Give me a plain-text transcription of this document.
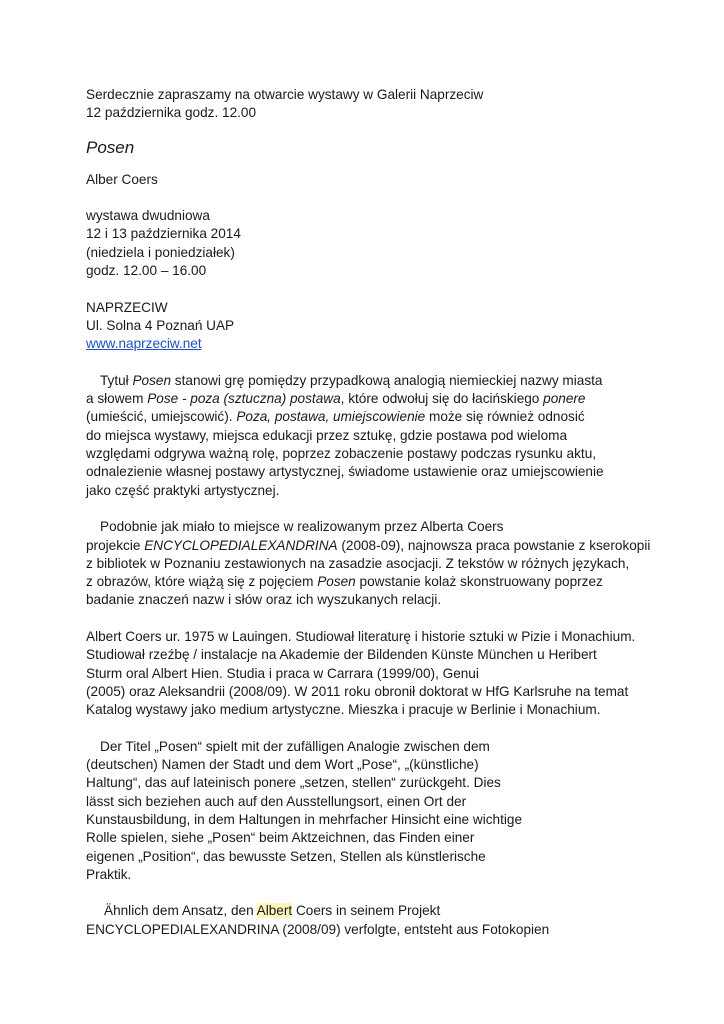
Serdecznie zapraszamy na otwarcie wystawy w Galerii Naprzeciw
12 października godz. 12.00
Posen
Alber Coers
wystawa dwudniowa
12 i 13 października 2014
(niedziela i poniedziałek)
godz. 12.00 – 16.00
NAPRZECIW
Ul. Solna 4 Poznań UAP
www.naprzeciw.net
Tytuł Posen stanowi grę pomiędzy przypadkową analogią niemieckiej nazwy miasta
a słowem Pose - poza (sztuczna) postawa, które odwołuj się do łacińskiego ponere
(umieścić, umiejscowić). Poza, postawa, umiejscowienie może się również odnosić
do miejsca wystawy, miejsca edukacji przez sztukę, gdzie postawa pod wieloma
względami odgrywa ważną rolę, poprzez zobaczenie postawy podczas rysunku aktu,
odnalezienie własnej postawy artystycznej, świadome ustawienie oraz umiejscowienie
jako część praktyki artystycznej.
Podobnie jak miało to miejsce w realizowanym przez Alberta Coers
projekcie ENCYCLOPEDIALEXANDRINA (2008-09), najnowsza praca powstanie z kserokopii
z bibliotek w Poznaniu zestawionych na zasadzie asocjacji. Z tekstów w różnych językach,
z obrazów, które wiążą się z pojęciem Posen powstanie kolaż skonstruowany poprzez
badanie znaczeń nazw i słów oraz ich wyszukanych relacji.
Albert Coers ur. 1975 w Lauingen. Studiował literaturę i historie sztuki w Pizie i Monachium.
Studiował rzeźbę / instalacje na Akademie der Bildenden Künste München u Heribert
Sturm oral Albert Hien. Studia i praca w Carrara (1999/00), Genui
(2005) oraz Aleksandrii (2008/09). W 2011 roku obronił doktorat w HfG Karlsruhe na temat
Katalog wystawy jako medium artystyczne. Mieszka i pracuje w Berlinie i Monachium.
Der Titel „Posen“ spielt mit der zufälligen Analogie zwischen dem
(deutschen) Namen der Stadt und dem Wort „Pose“, „(künstliche)
Haltung“, das auf lateinisch ponere „setzen, stellen“ zurückgeht. Dies
lässt sich beziehen auch auf den Ausstellungsort, einen Ort der
Kunstausbildung, in dem Haltungen in mehrfacher Hinsicht eine wichtige
Rolle spielen, siehe „Posen“ beim Aktzeichnen, das Finden einer
eigenen „Position“, das bewusste Setzen, Stellen als künstlerische
Praktik.
Ähnlich dem Ansatz, den Albert Coers in seinem Projekt
ENCYCLOPEDIALEXANDRINA (2008/09) verfolgte, entsteht aus Fotokopien
